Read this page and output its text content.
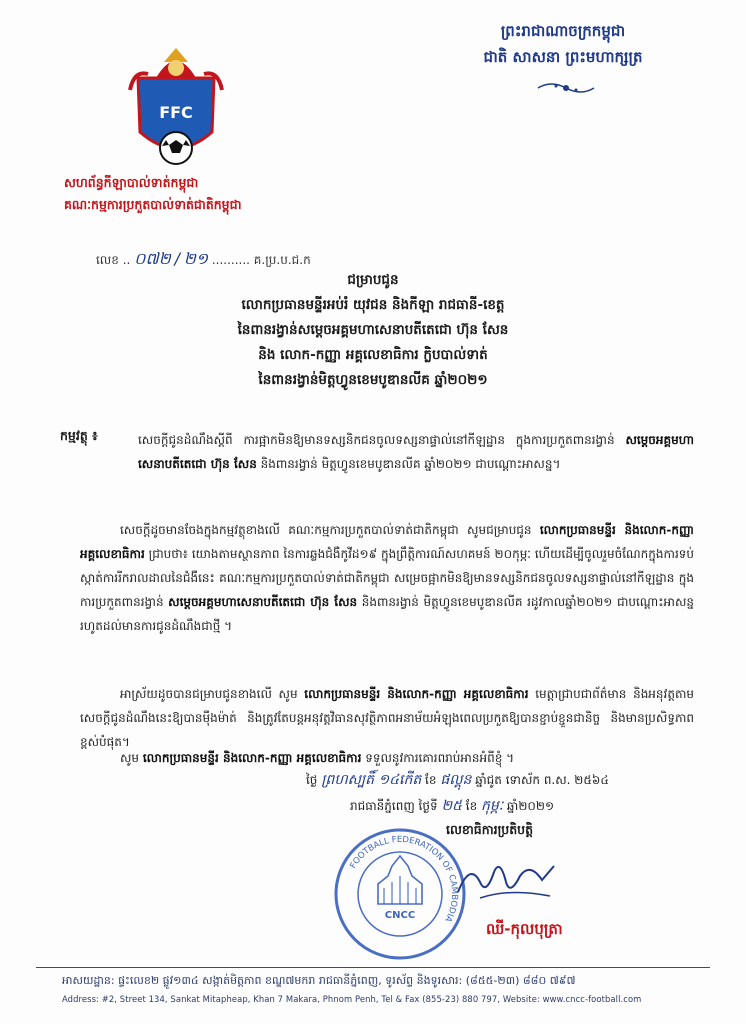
ព្រះរាជាណាចក្រកម្ពុជា
ជាតិ សាសនា ព្រះមហាក្សត្រ
FFC
សហព័ន្ធកីឡាបាល់ទាត់កម្ពុជា
គណៈកម្មការប្រកួតបាល់ទាត់ជាតិកម្ពុជា
លេខ .. ០៧២ / ២១ .......... គ.ប្រ.ប.ជ.ក
ជម្រាបជូន
លោកប្រធានមន្ទីរអប់រំ យុវជន និងកីឡា រាជធានី-ខេត្ត
នៃពានរង្វាន់សម្ដេចអគ្គមហាសេនាបតីតេជោ ហ៊ុន សែន
និង លោក-កញ្ញា អគ្គលេខាធិការ ក្លិបបាល់ទាត់
នៃពានរង្វាន់មិត្តហ្វូនខេមបូឌានលីគ ឆ្នាំ២០២១
កម្មវត្ថុ ៖	សេចក្ដីជូនដំណឹងស្ដីពី ការផ្អាកមិនឱ្យមានទស្សនិកជនចូលទស្សនាផ្ទាល់នៅកីឡដ្ឋាន ក្នុងការប្រកួតពានរង្វាន់ សម្ដេចអគ្គមហាសេនាបតីតេជោ ហ៊ុន សែន និងពានរង្វាន់ មិត្តហ្វូនខេមបូឌានលីគ ឆ្នាំ២០២១ ជាបណ្ដោះអាសន្ន។
សេចក្ដីដូចមានចែងក្នុងកម្មវត្ថុខាងលើ គណៈកម្មការប្រកួតបាល់ទាត់ជាតិកម្ពុជា សូមជម្រាបជូន លោកប្រធានមន្ទីរ និងលោក-កញ្ញា អគ្គលេខាធិការ ជ្រាបថា៖ យោងតាមស្ថានភាព នៃការឆ្លងជំងឺកូវីដ១៩ ក្នុងព្រឹត្តិការណ៍សហគមន៍ ២០កុម្ភៈ ហើយដើម្បីចូលរួមចំណែកក្នុងការទប់ស្កាត់ការរីករាលដាលនៃជំងឺនេះ គណៈកម្មការប្រកួតបាល់ទាត់ជាតិកម្ពុជា សម្រេចផ្អាកមិនឱ្យមានទស្សនិកជនចូលទស្សនាផ្ទាល់នៅកីឡដ្ឋាន ក្នុងការប្រកួតពានរង្វាន់ សម្ដេចអគ្គមហាសេនាបតីតេជោ ហ៊ុន សែន និងពានរង្វាន់ មិត្តហ្វូនខេមបូឌានលីគ រដូវកាលឆ្នាំ២០២១ ជាបណ្ដោះអាសន្ន រហូតដល់មានការជូនដំណឹងជាថ្មី ។
អាស្រ័យដូចបានជម្រាបជូនខាងលើ សូម លោកប្រធានមន្ទីរ និងលោក-កញ្ញា អគ្គលេខាធិការ មេត្តាជ្រាបជាព័ត៌មាន និងអនុវត្តតាមសេចក្ដីជូនដំណឹងនេះឱ្យបានម៉ឺងម៉ាត់ និងត្រូវតែបន្តអនុវត្តវិធានសុវត្ថិភាពអនាម័យអំឡុងពេលប្រកួតឱ្យបានខ្ជាប់ខ្ជួនជានិច្ច និងមានប្រសិទ្ធភាពខ្ពស់បំផុត។
សូម លោកប្រធានមន្ទីរ និងលោក-កញ្ញា អគ្គលេខាធិការ ទទួលនូវការគោរពរាប់អានអំពីខ្ញុំ ។
ថ្ងៃ ព្រហស្បតិ៍ ១៤កើត ខែ ផល្គុន ឆ្នាំជូត ទោស័ក ព.ស. ២៥៦៤
រាជធានីភ្នំពេញ ថ្ងៃទី ២៥ ខែ កុម្ភៈ ឆ្នាំ២០២១
លេខាធិការប្រតិបត្តិ
FOOTBALL FEDERATION OF CAMBODIA
CNCC
ឈី-កុលបុត្រា
អាសយដ្ឋាន: ផ្ទះលេខ២ ផ្លូវ១៣៤ សង្កាត់មិត្តភាព ខណ្ឌ៧មករា រាជធានីភ្នំពេញ, ទូរស័ព្ទ និងទូរសារ: (៨៥៥-២៣) ៨៨០ ៧៩៧
Address: #2, Street 134, Sankat Mitapheap, Khan 7 Makara, Phnom Penh, Tel & Fax (855-23) 880 797, Website: www.cncc-football.com
